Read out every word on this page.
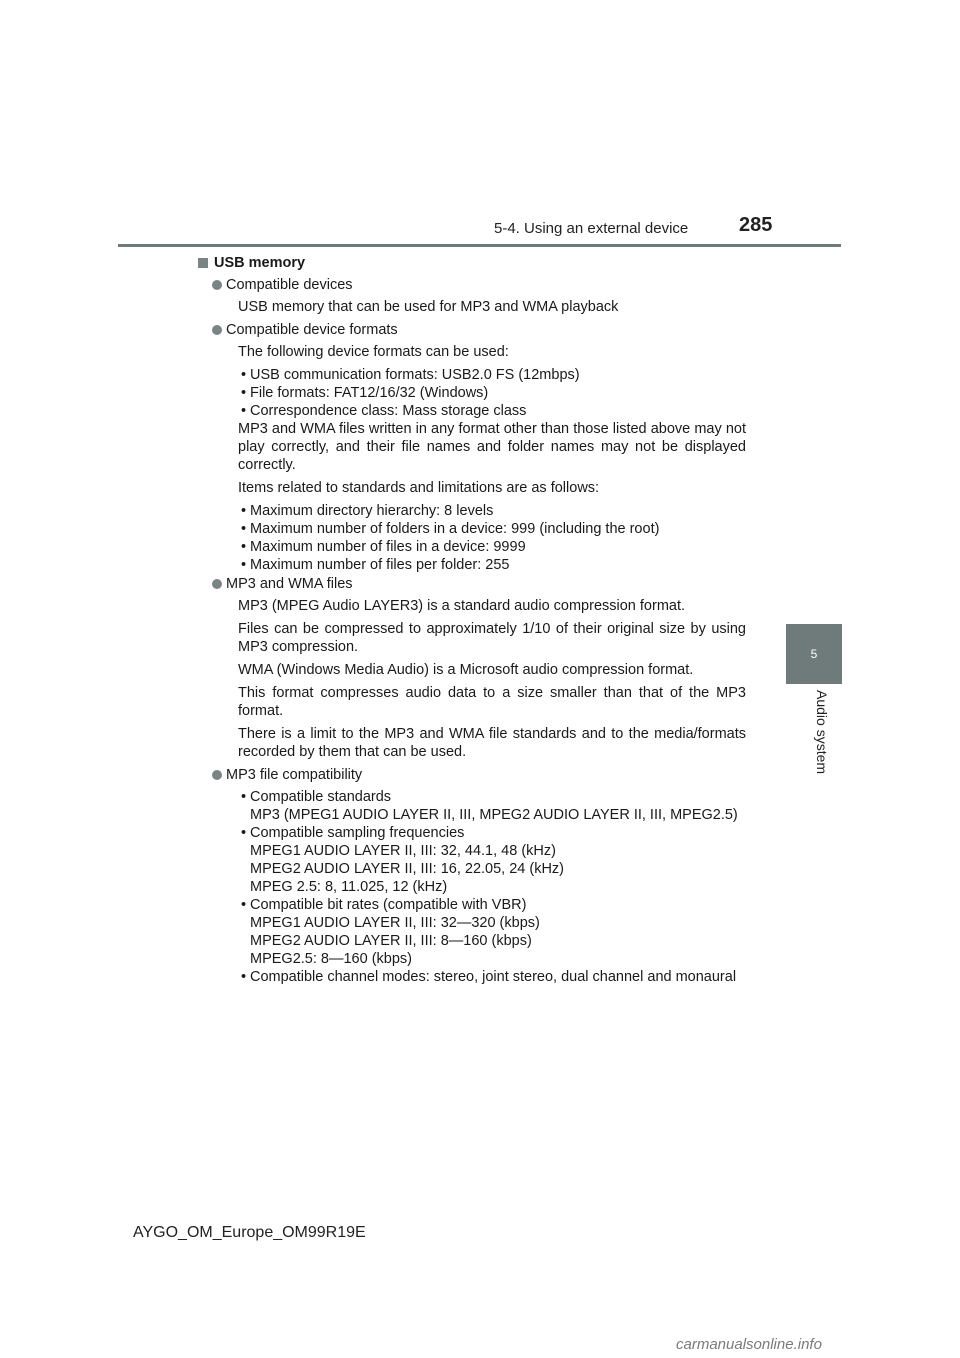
5-4. Using an external device	285
5
Audio system
USB memory
Compatible devices

USB memory that can be used for MP3 and WMA playback

Compatible device formats

The following device formats can be used:

• USB communication formats: USB2.0 FS (12mbps)
• File formats: FAT12/16/32 (Windows)
• Correspondence class: Mass storage class

MP3 and WMA files written in any format other than those listed above may not play correctly, and their file names and folder names may not be displayed correctly.

Items related to standards and limitations are as follows:

• Maximum directory hierarchy: 8 levels
• Maximum number of folders in a device: 999 (including the root)
• Maximum number of files in a device: 9999
• Maximum number of files per folder: 255
MP3 and WMA files

MP3 (MPEG Audio LAYER3) is a standard audio compression format.

Files can be compressed to approximately 1/10 of their original size by using MP3 compression.

WMA (Windows Media Audio) is a Microsoft audio compression format.

This format compresses audio data to a size smaller than that of the MP3 format.

There is a limit to the MP3 and WMA file standards and to the media/formats recorded by them that can be used.

MP3 file compatibility
• Compatible standards
MP3 (MPEG1 AUDIO LAYER II, III, MPEG2 AUDIO LAYER II, III, MPEG2.5)
• Compatible sampling frequencies
MPEG1 AUDIO LAYER II, III: 32, 44.1, 48 (kHz)
MPEG2 AUDIO LAYER II, III: 16, 22.05, 24 (kHz)
MPEG 2.5: 8, 11.025, 12 (kHz)
• Compatible bit rates (compatible with VBR)
MPEG1 AUDIO LAYER II, III: 32—320 (kbps)
MPEG2 AUDIO LAYER II, III: 8—160 (kbps)
MPEG2.5: 8—160 (kbps)
• Compatible channel modes: stereo, joint stereo, dual channel and monaural
AYGO_OM_Europe_OM99R19E
carmanualsonline.info
